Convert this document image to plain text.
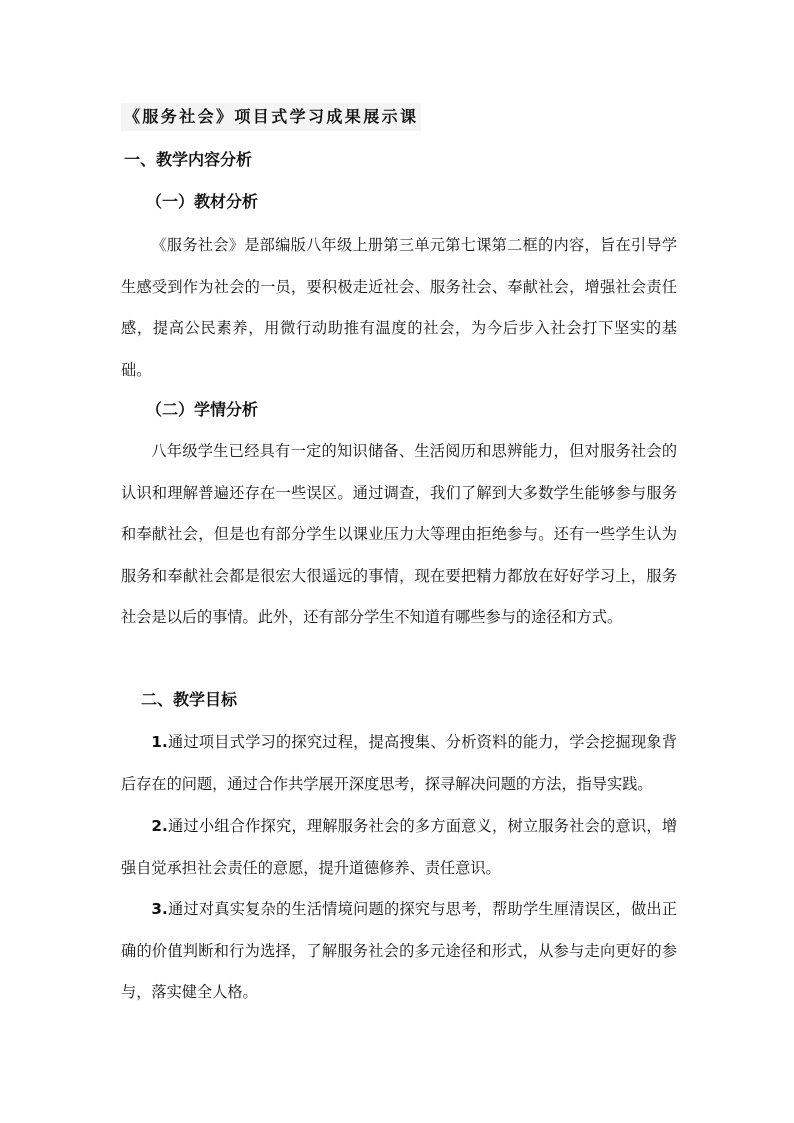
《服务社会》项目式学习成果展示课
一、教学内容分析
（一）教材分析

《服务社会》是部编版八年级上册第三单元第七课第二框的内容，旨在引导学生感受到作为社会的一员，要积极走近社会、服务社会、奉献社会，增强社会责任感，提高公民素养，用微行动助推有温度的社会，为今后步入社会打下坚实的基础。

（二）学情分析

八年级学生已经具有一定的知识储备、生活阅历和思辨能力，但对服务社会的认识和理解普遍还存在一些误区。通过调查，我们了解到大多数学生能够参与服务和奉献社会，但是也有部分学生以课业压力大等理由拒绝参与。还有一些学生认为服务和奉献社会都是很宏大很遥远的事情，现在要把精力都放在好好学习上，服务社会是以后的事情。此外，还有部分学生不知道有哪些参与的途径和方式。

二、教学目标

1.通过项目式学习的探究过程，提高搜集、分析资料的能力，学会挖掘现象背后存在的问题，通过合作共学展开深度思考，探寻解决问题的方法，指导实践。

2.通过小组合作探究，理解服务社会的多方面意义，树立服务社会的意识，增强自觉承担社会责任的意愿，提升道德修养、责任意识。

3.通过对真实复杂的生活情境问题的探究与思考，帮助学生厘清误区，做出正确的价值判断和行为选择，了解服务社会的多元途径和形式，从参与走向更好的参与，落实健全人格。
